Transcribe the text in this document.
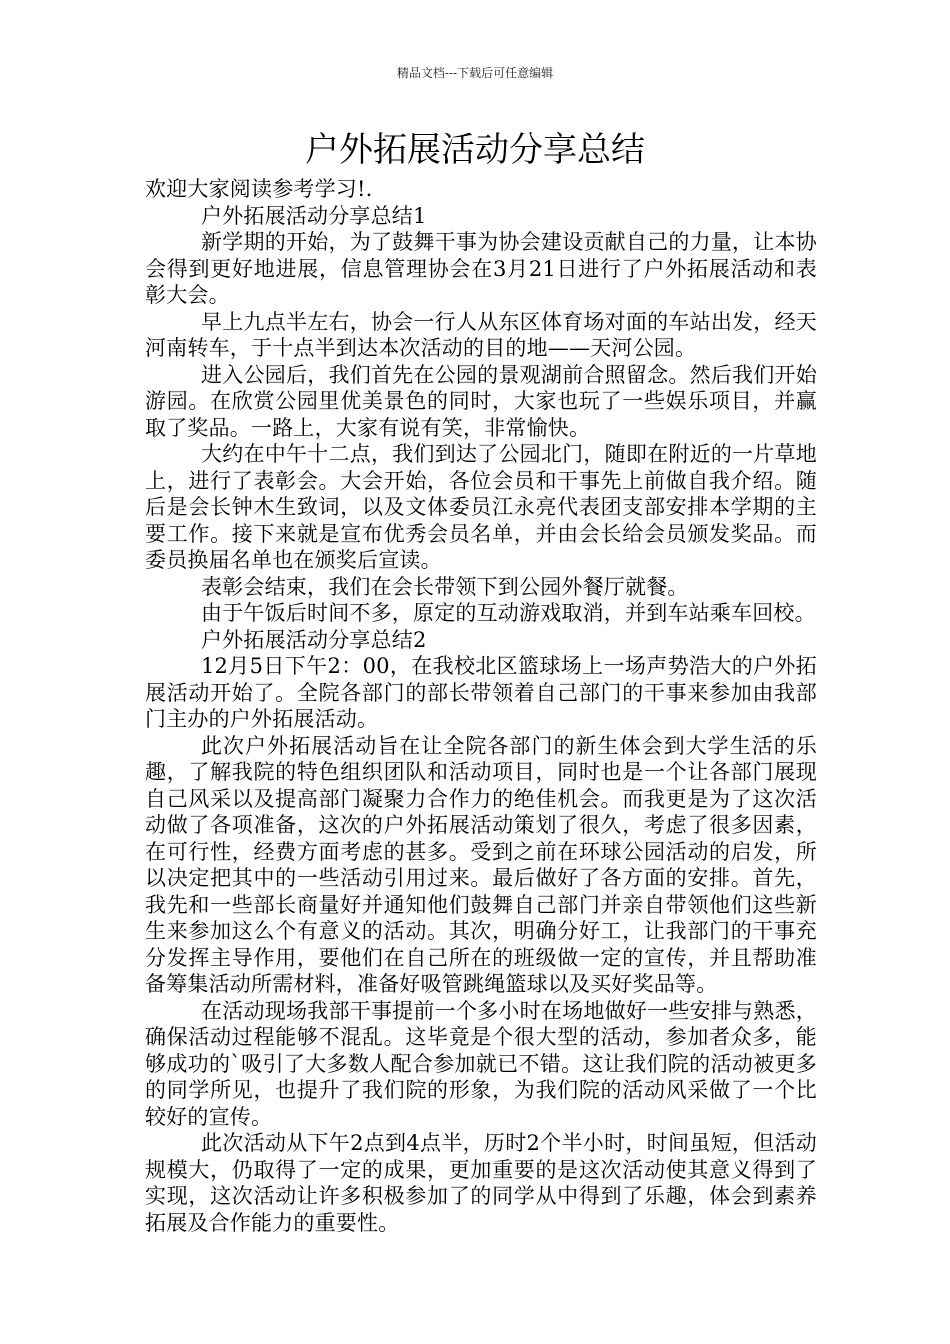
精品文档---下载后可任意编辑
户外拓展活动分享总结

欢迎大家阅读参考学习!.

户外拓展活动分享总结1

新学期的开始，为了鼓舞干事为协会建设贡献自己的力量，让本协会得到更好地进展，信息管理协会在3月21日进行了户外拓展活动和表彰大会。

早上九点半左右，协会一行人从东区体育场对面的车站出发，经天河南转车，于十点半到达本次活动的目的地——天河公园。

进入公园后，我们首先在公园的景观湖前合照留念。然后我们开始游园。在欣赏公园里优美景色的同时，大家也玩了一些娱乐项目，并赢取了奖品。一路上，大家有说有笑，非常愉快。

大约在中午十二点，我们到达了公园北门，随即在附近的一片草地上，进行了表彰会。大会开始，各位会员和干事先上前做自我介绍。随后是会长钟木生致词，以及文体委员江永亮代表团支部安排本学期的主要工作。接下来就是宣布优秀会员名单，并由会长给会员颁发奖品。而委员换届名单也在颁奖后宣读。

表彰会结束，我们在会长带领下到公园外餐厅就餐。

由于午饭后时间不多，原定的互动游戏取消，并到车站乘车回校。

户外拓展活动分享总结2

12月5日下午2：00，在我校北区篮球场上一场声势浩大的户外拓展活动开始了。全院各部门的部长带领着自己部门的干事来参加由我部门主办的户外拓展活动。

此次户外拓展活动旨在让全院各部门的新生体会到大学生活的乐趣，了解我院的特色组织团队和活动项目，同时也是一个让各部门展现自己风采以及提高部门凝聚力合作力的绝佳机会。而我更是为了这次活动做了各项准备，这次的户外拓展活动策划了很久，考虑了很多因素，在可行性，经费方面考虑的甚多。受到之前在环球公园活动的启发，所以决定把其中的一些活动引用过来。最后做好了各方面的安排。首先，我先和一些部长商量好并通知他们鼓舞自己部门并亲自带领他们这些新生来参加这么个有意义的活动。其次，明确分好工，让我部门的干事充分发挥主导作用，要他们在自己所在的班级做一定的宣传，并且帮助准备筹集活动所需材料，准备好吸管跳绳篮球以及买好奖品等。

在活动现场我部干事提前一个多小时在场地做好一些安排与熟悉，确保活动过程能够不混乱。这毕竟是个很大型的活动，参加者众多，能够成功的`吸引了大多数人配合参加就已不错。这让我们院的活动被更多的同学所见，也提升了我们院的形象，为我们院的活动风采做了一个比较好的宣传。

此次活动从下午2点到4点半，历时2个半小时，时间虽短，但活动规模大，仍取得了一定的成果，更加重要的是这次活动使其意义得到了实现，这次活动让许多积极参加了的同学从中得到了乐趣，体会到素养拓展及合作能力的重要性。
